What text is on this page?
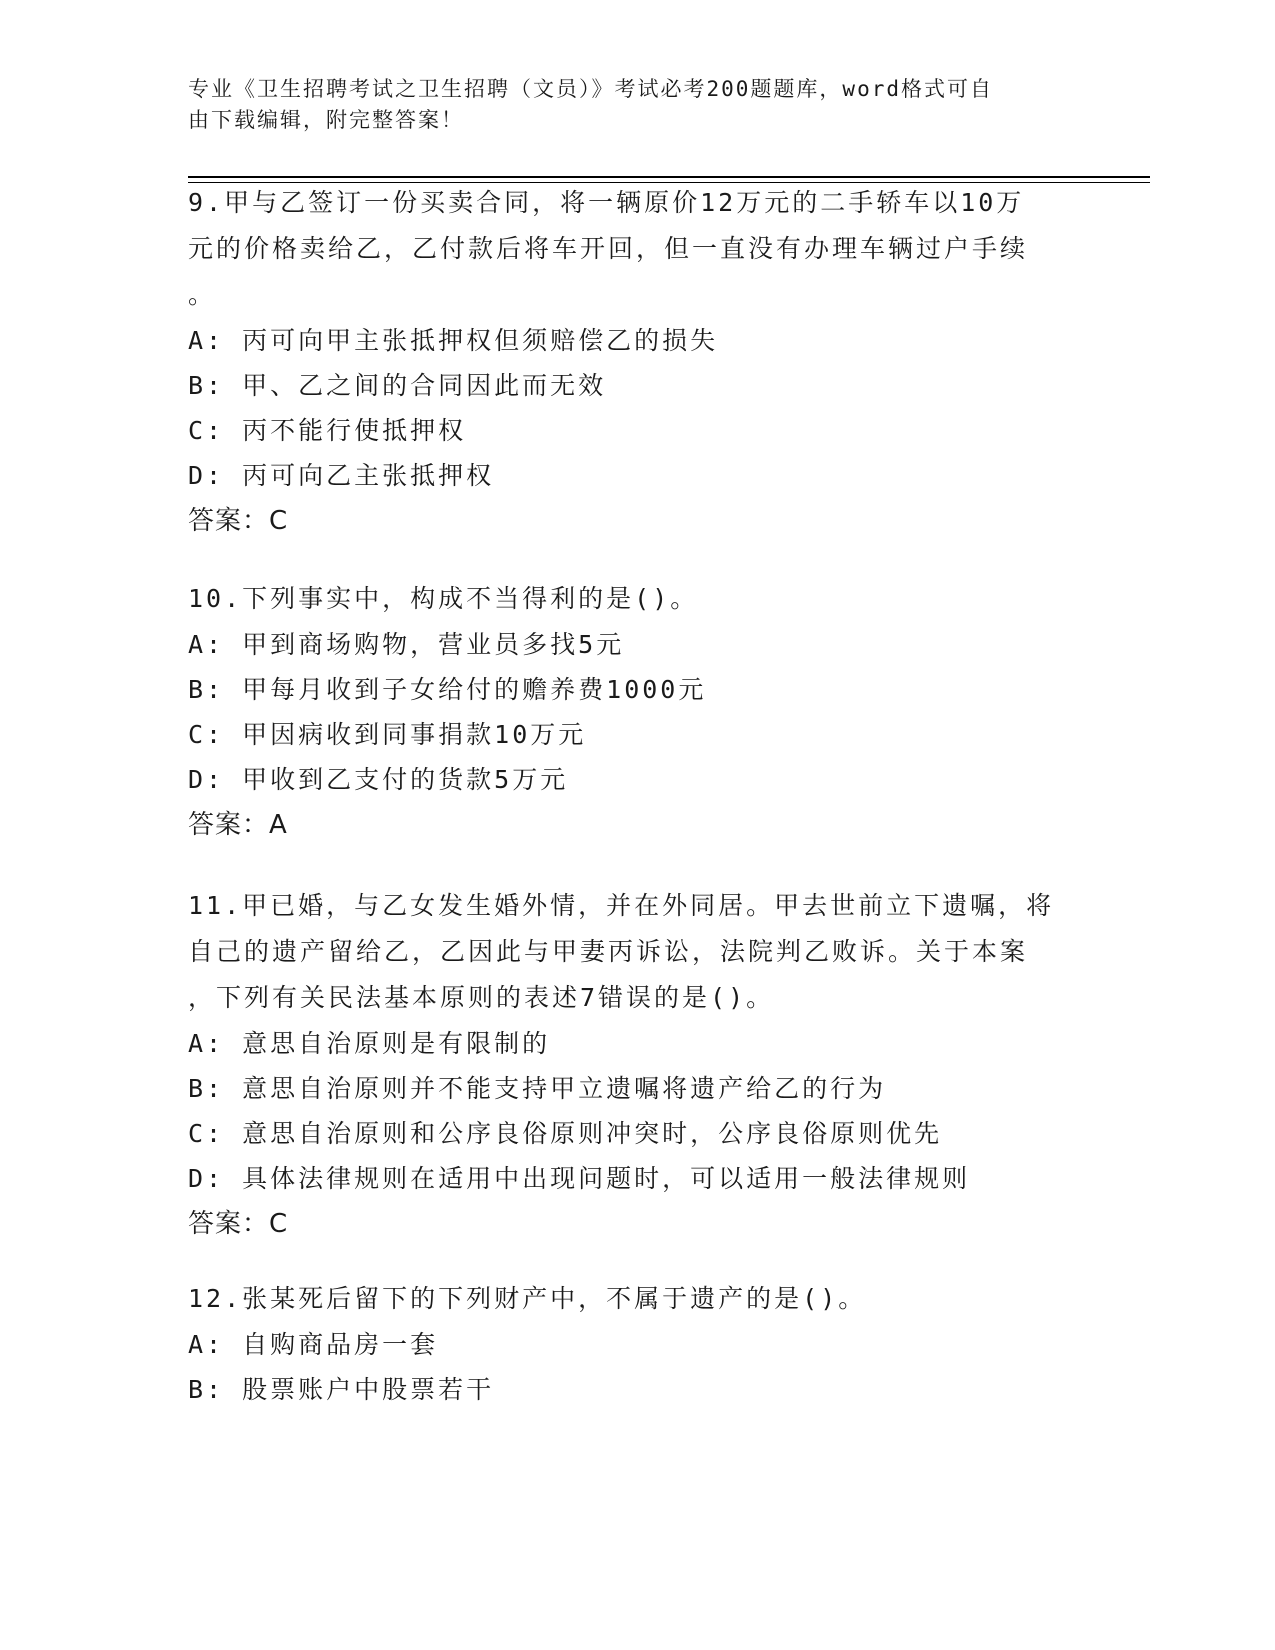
专业《卫生招聘考试之卫生招聘（文员）》考试必考200题题库，word格式可自
由下载编辑，附完整答案！

9.甲与乙签订一份买卖合同，将一辆原价12万元的二手轿车以10万

元的价格卖给乙，乙付款后将车开回，但一直没有办理车辆过户手续

。

A: 丙可向甲主张抵押权但须赔偿乙的损失

B: 甲、乙之间的合同因此而无效

C: 丙不能行使抵押权

D: 丙可向乙主张抵押权

答案：C

10.下列事实中，构成不当得利的是()。

A: 甲到商场购物，营业员多找5元

B: 甲每月收到子女给付的赡养费1000元

C: 甲因病收到同事捐款10万元

D: 甲收到乙支付的货款5万元

答案：A

11.甲已婚，与乙女发生婚外情，并在外同居。甲去世前立下遗嘱，将

自己的遗产留给乙，乙因此与甲妻丙诉讼，法院判乙败诉。关于本案

，下列有关民法基本原则的表述7错误的是()。

A: 意思自治原则是有限制的

B: 意思自治原则并不能支持甲立遗嘱将遗产给乙的行为

C: 意思自治原则和公序良俗原则冲突时，公序良俗原则优先

D: 具体法律规则在适用中出现问题时，可以适用一般法律规则

答案：C

12.张某死后留下的下列财产中，不属于遗产的是()。

A: 自购商品房一套

B: 股票账户中股票若干
